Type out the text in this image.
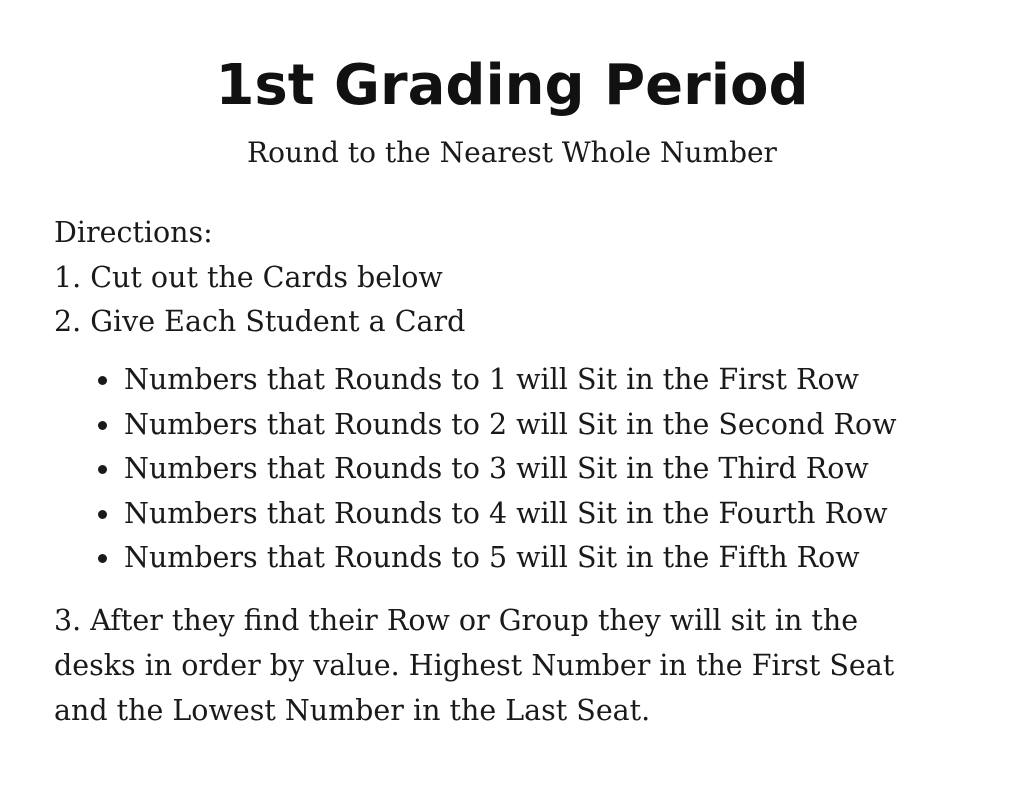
1st Grading Period

Round to the Nearest Whole Number

Directions:

1. Cut out the Cards below

2. Give Each Student a Card

Numbers that Rounds to 1 will Sit in the First Row
Numbers that Rounds to 2 will Sit in the Second Row
Numbers that Rounds to 3 will Sit in the Third Row
Numbers that Rounds to 4 will Sit in the Fourth Row
Numbers that Rounds to 5 will Sit in the Fifth Row

3. After they find their Row or Group they will sit in the
desks in order by value. Highest Number in the First Seat
and the Lowest Number in the Last Seat.
